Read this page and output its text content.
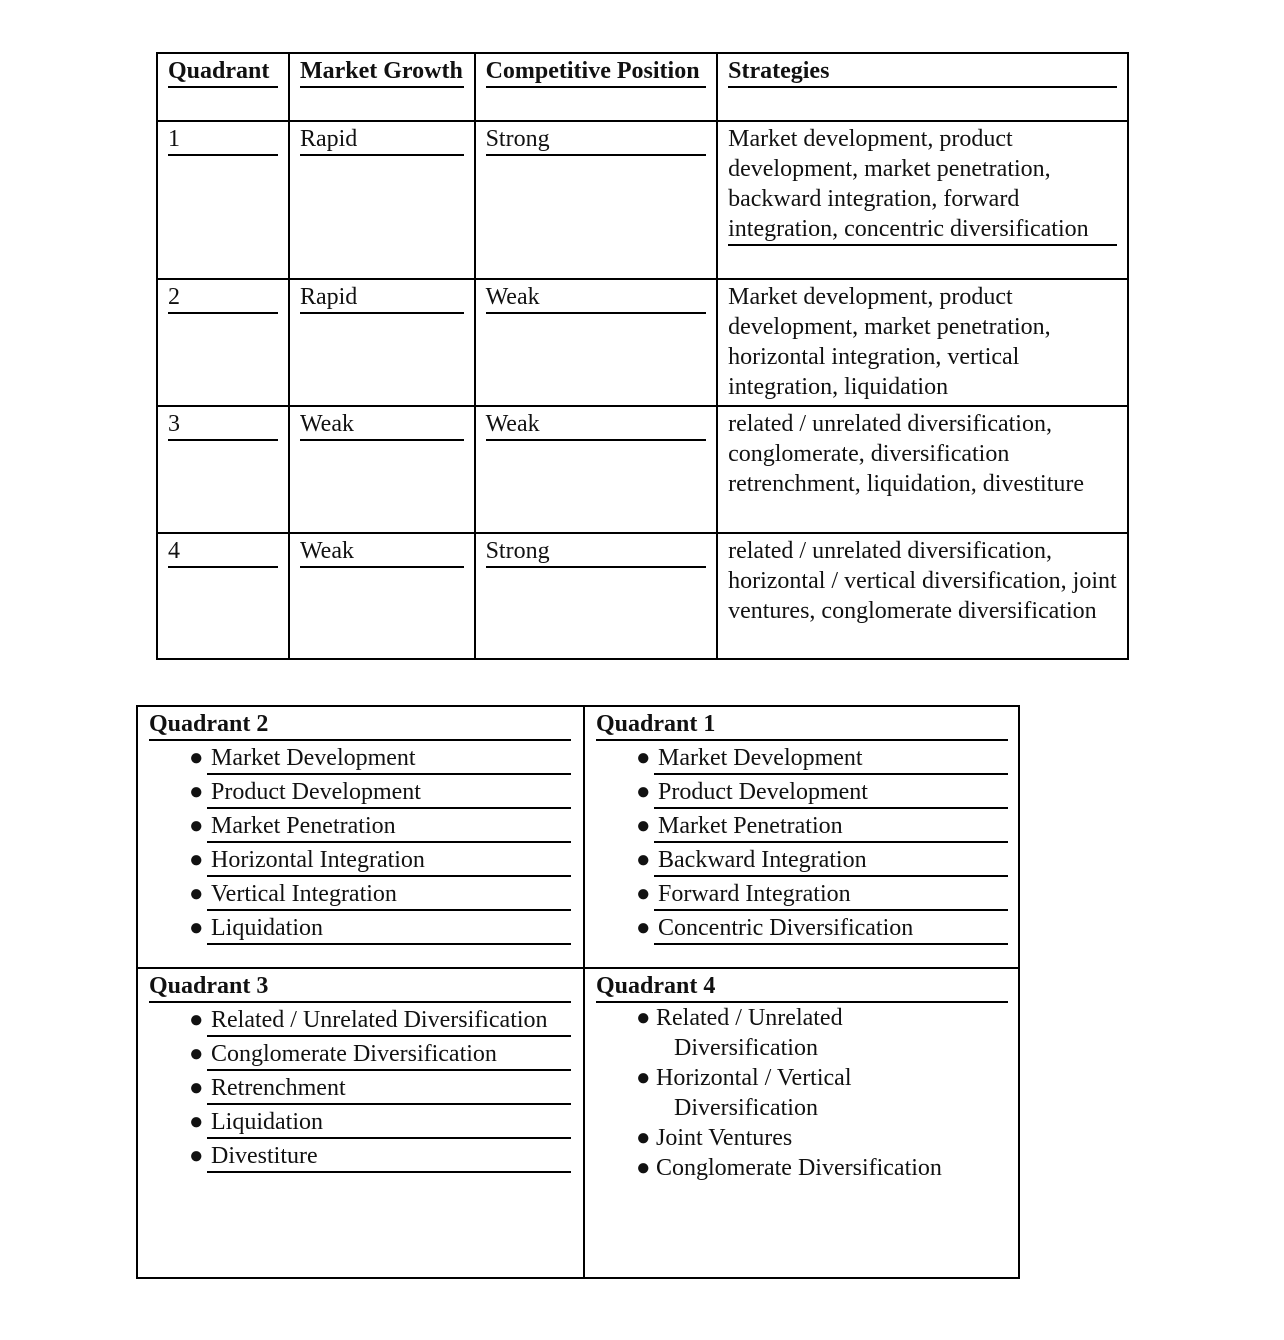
Quadrant	Market Growth	Competitive Position	Strategies

1	Rapid	Strong	Market development, product development, market penetration, backward integration, forward integration, concentric diversification

2	Rapid	Weak	Market development, product development, market penetration, horizontal integration, vertical integration, liquidation

3	Weak	Weak	related / unrelated diversification, conglomerate, diversification retrenchment, liquidation, divestiture

4	Weak	Strong	related / unrelated diversification, horizontal / vertical diversification, joint ventures, conglomerate diversification
Quadrant 2
● Market Development
● Product Development
● Market Penetration
● Horizontal Integration
● Vertical Integration
● Liquidation
Quadrant 1
● Market Development
● Product Development
● Market Penetration
● Backward Integration
● Forward Integration
● Concentric Diversification
Quadrant 3
● Related / Unrelated Diversification
● Conglomerate Diversification
● Retrenchment
● Liquidation
● Divestiture
Quadrant 4
● Related / Unrelated
Diversification
● Horizontal / Vertical
Diversification
● Joint Ventures
● Conglomerate Diversification
